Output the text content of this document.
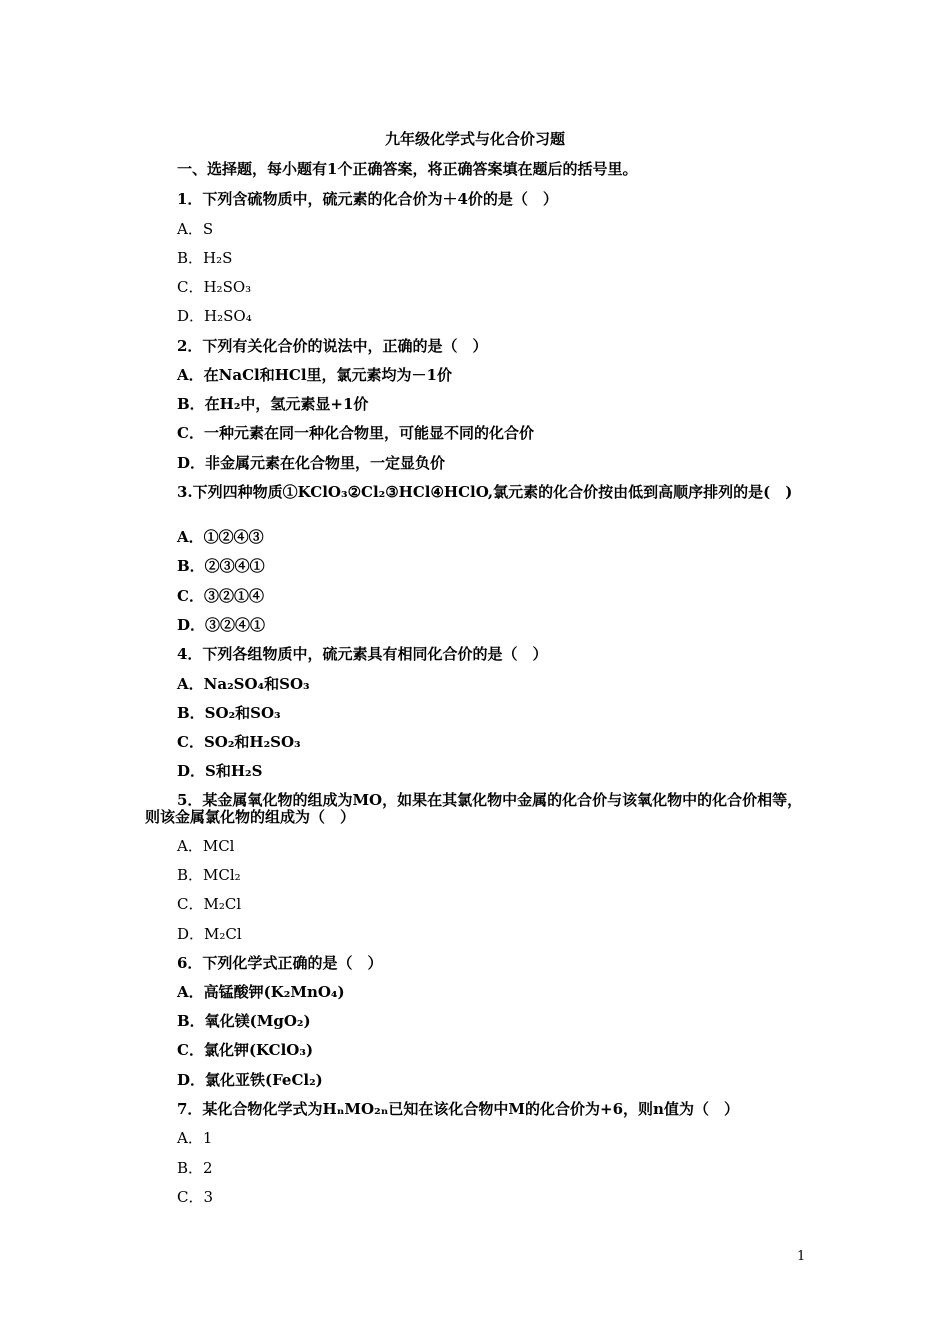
九年级化学式与化合价习题
一、选择题，每小题有1个正确答案，将正确答案填在题后的括号里。
1．下列含硫物质中，硫元素的化合价为＋4价的是（　）
A．S
B．H₂S
C．H₂SO₃
D．H₂SO₄
2．下列有关化合价的说法中，正确的是（　）
A．在NaCl和HCl里，氯元素均为－1价
B．在H₂中，氢元素显+1价
C．一种元素在同一种化合物里，可能显不同的化合价
D．非金属元素在化合物里，一定显负价
3.下列四种物质①KClO₃②Cl₂③HCl④HClO,氯元素的化合价按由低到高顺序排列的是(　)
A．①②④③
B．②③④①
C．③②①④
D．③②④①
4．下列各组物质中，硫元素具有相同化合价的是（　）
A．Na₂SO₄和SO₃
B．SO₂和SO₃
C．SO₂和H₂SO₃
D．S和H₂S
5．某金属氧化物的组成为MO，如果在其氯化物中金属的化合价与该氧化物中的化合价相等，则该金属氯化物的组成为（　）
A．MCl
B．MCl₂
C．M₂Cl
D．M₂Cl
6．下列化学式正确的是（　）
A．高锰酸钾(K₂MnO₄)
B．氧化镁(MgO₂)
C．氯化钾(KClO₃)
D．氯化亚铁(FeCl₂)
7．某化合物化学式为HₙMO₂ₙ已知在该化合物中M的化合价为+6，则n值为（　）
A．1
B．2
C．3
1
